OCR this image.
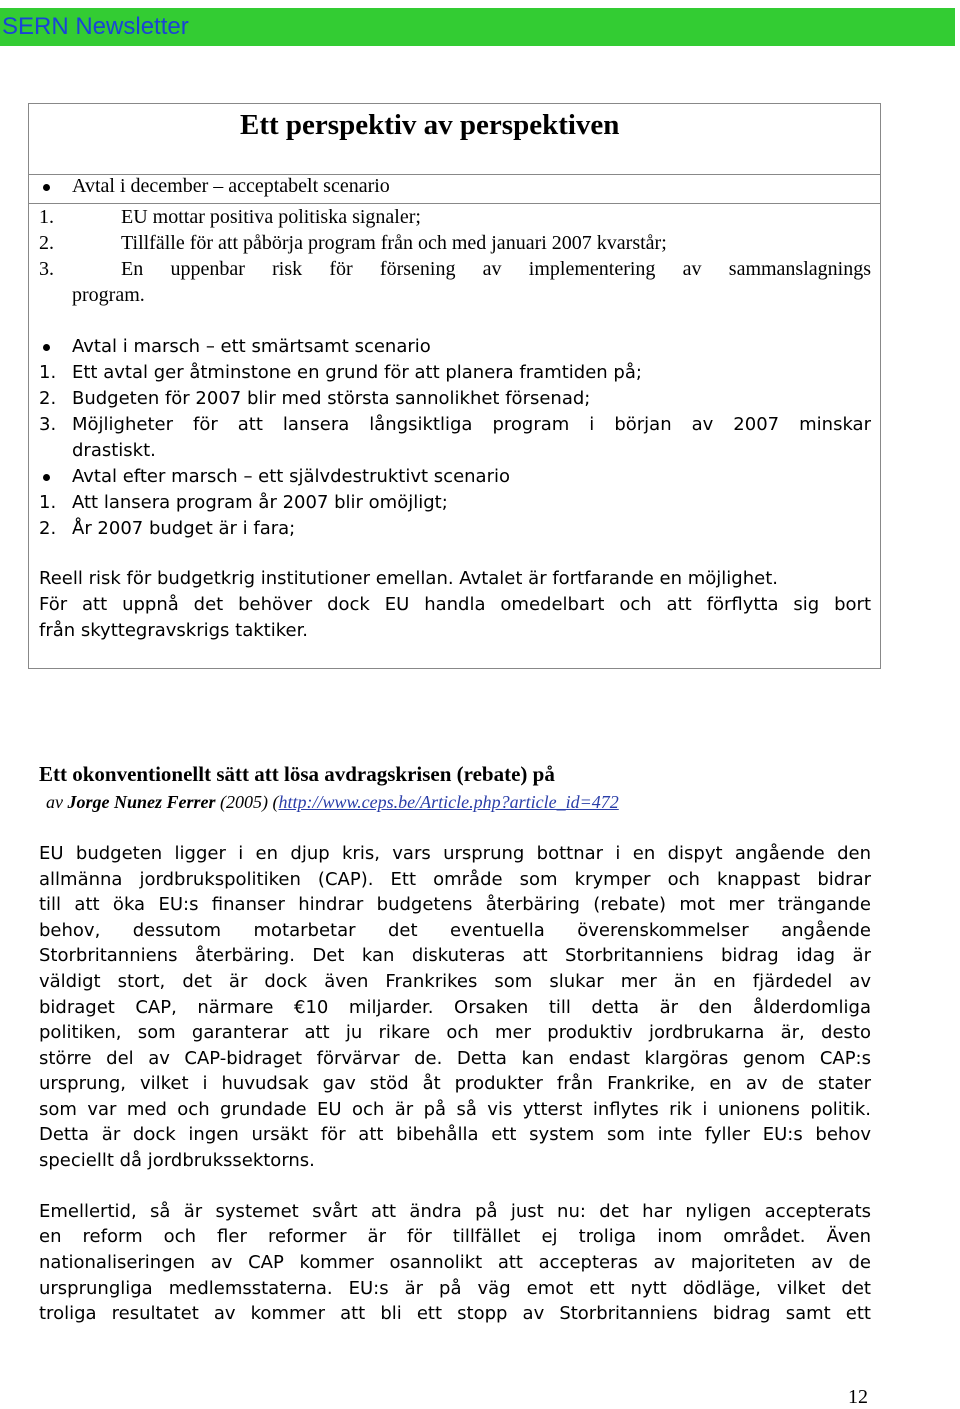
SERN Newsletter
Ett perspektiv av perspektiven
Avtal i december – acceptabelt scenario
1.	EU mottar positiva politiska signaler;
2.	Tillfälle för att påbörja program från och med januari 2007 kvarstår;
3.	En uppenbar risk för försening av implementering av sammanslagnings
program.
Avtal i marsch – ett smärtsamt scenario
1. Ett avtal ger åtminstone en grund för att planera framtiden på;
2. Budgeten för 2007 blir med största sannolikhet försenad;
3. Möjligheter för att lansera långsiktliga program i början av 2007 minskar
drastiskt.
Avtal efter marsch – ett självdestruktivt scenario
1. Att lansera program år 2007 blir omöjligt;
2. År 2007 budget är i fara;
Reell risk för budgetkrig institutioner emellan. Avtalet är fortfarande en möjlighet.
För att uppnå det behöver dock EU handla omedelbart och att förflytta sig bort
från skyttegravskrigs taktiker.
Ett okonventionellt sätt att lösa avdragskrisen (rebate) på
av Jorge Nunez Ferrer (2005) (http://www.ceps.be/Article.php?article_id=472
EU budgeten ligger i en djup kris, vars ursprung bottnar i en dispyt angående den
allmänna jordbrukspolitiken (CAP). Ett område som krymper och knappast bidrar
till att öka EU:s finanser hindrar budgetens återbäring (rebate) mot mer trängande
behov, dessutom motarbetar det eventuella överenskommelser angående
Storbritanniens återbäring. Det kan diskuteras att Storbritanniens bidrag idag är
väldigt stort, det är dock även Frankrikes som slukar mer än en fjärdedel av
bidraget CAP, närmare €10 miljarder. Orsaken till detta är den ålderdomliga
politiken, som garanterar att ju rikare och mer produktiv jordbrukarna är, desto
större del av CAP-bidraget förvärvar de. Detta kan endast klargöras genom CAP:s
ursprung, vilket i huvudsak gav stöd åt produkter från Frankrike, en av de stater
som var med och grundade EU och är på så vis ytterst inflytes rik i unionens politik.
Detta är dock ingen ursäkt för att bibehålla ett system som inte fyller EU:s behov
speciellt då jordbrukssektorns.
Emellertid, så är systemet svårt att ändra på just nu: det har nyligen accepterats
en reform och fler reformer är för tillfället ej troliga inom området. Även
nationaliseringen av CAP kommer osannolikt att accepteras av majoriteten av de
ursprungliga medlemsstaterna. EU:s är på väg emot ett nytt dödläge, vilket det
troliga resultatet av kommer att bli ett stopp av Storbritanniens bidrag samt ett
12
